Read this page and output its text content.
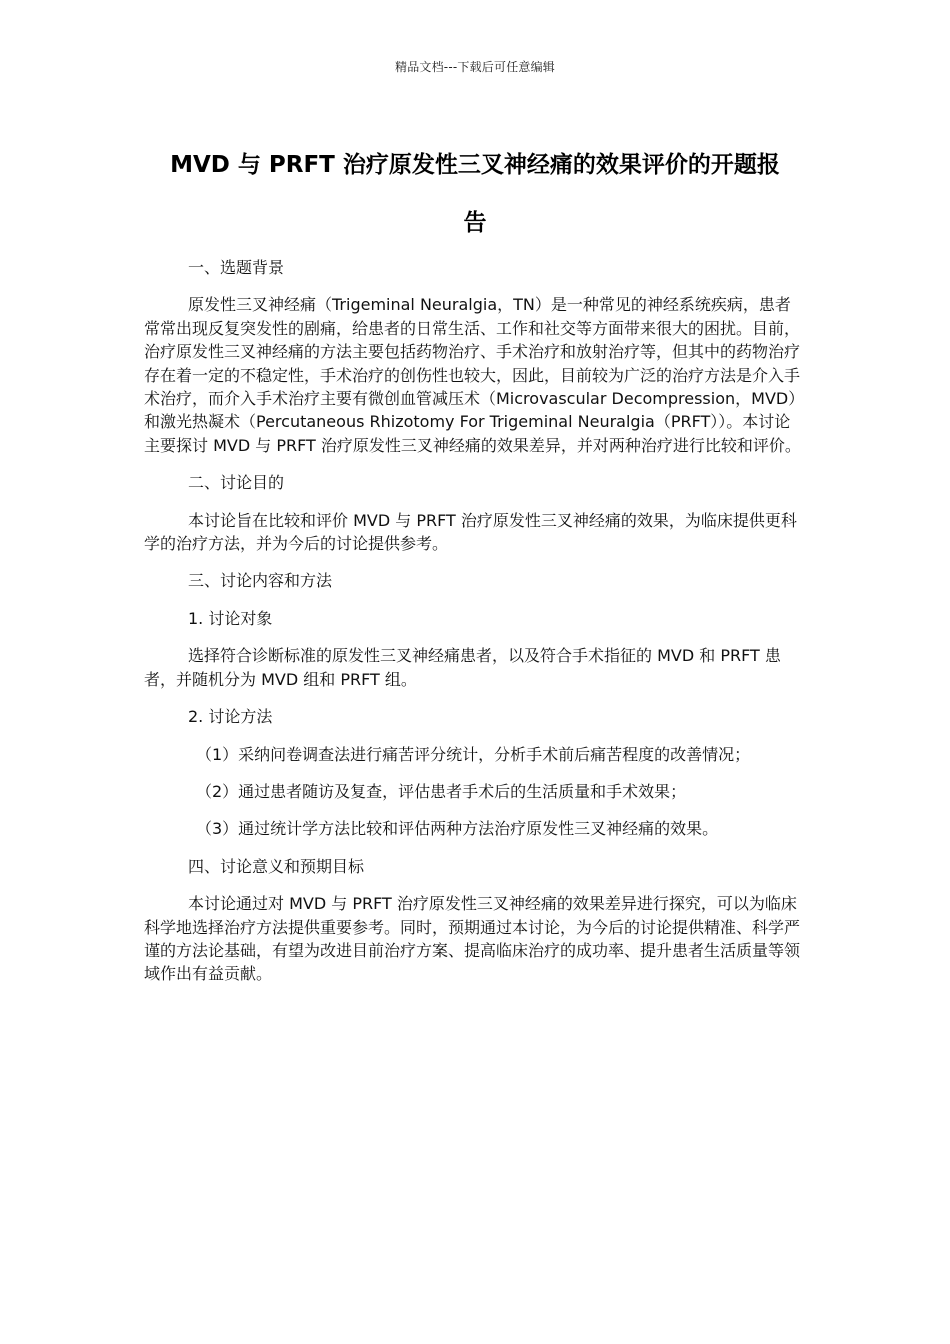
精品文档---下载后可任意编辑
MVD 与 PRFT 治疗原发性三叉神经痛的效果评价的开题报
告

一、选题背景

原发性三叉神经痛（Trigeminal Neuralgia，TN）是一种常见的神经系统疾病，患者常常出现反复突发性的剧痛，给患者的日常生活、工作和社交等方面带来很大的困扰。目前，治疗原发性三叉神经痛的方法主要包括药物治疗、手术治疗和放射治疗等，但其中的药物治疗存在着一定的不稳定性，手术治疗的创伤性也较大，因此，目前较为广泛的治疗方法是介入手术治疗，而介入手术治疗主要有微创血管减压术（Microvascular Decompression，MVD）和激光热凝术（Percutaneous Rhizotomy For Trigeminal Neuralgia（PRFT））。本讨论主要探讨 MVD 与 PRFT 治疗原发性三叉神经痛的效果差异，并对两种治疗进行比较和评价。

二、讨论目的

本讨论旨在比较和评价 MVD 与 PRFT 治疗原发性三叉神经痛的效果，为临床提供更科学的治疗方法，并为今后的讨论提供参考。

三、讨论内容和方法

1. 讨论对象

选择符合诊断标准的原发性三叉神经痛患者，以及符合手术指征的 MVD 和 PRFT 患者，并随机分为 MVD 组和 PRFT 组。

2. 讨论方法

（1）采纳问卷调查法进行痛苦评分统计，分析手术前后痛苦程度的改善情况；

（2）通过患者随访及复查，评估患者手术后的生活质量和手术效果；

（3）通过统计学方法比较和评估两种方法治疗原发性三叉神经痛的效果。

四、讨论意义和预期目标

本讨论通过对 MVD 与 PRFT 治疗原发性三叉神经痛的效果差异进行探究，可以为临床科学地选择治疗方法提供重要参考。同时，预期通过本讨论，为今后的讨论提供精准、科学严谨的方法论基础，有望为改进目前治疗方案、提高临床治疗的成功率、提升患者生活质量等领域作出有益贡献。
